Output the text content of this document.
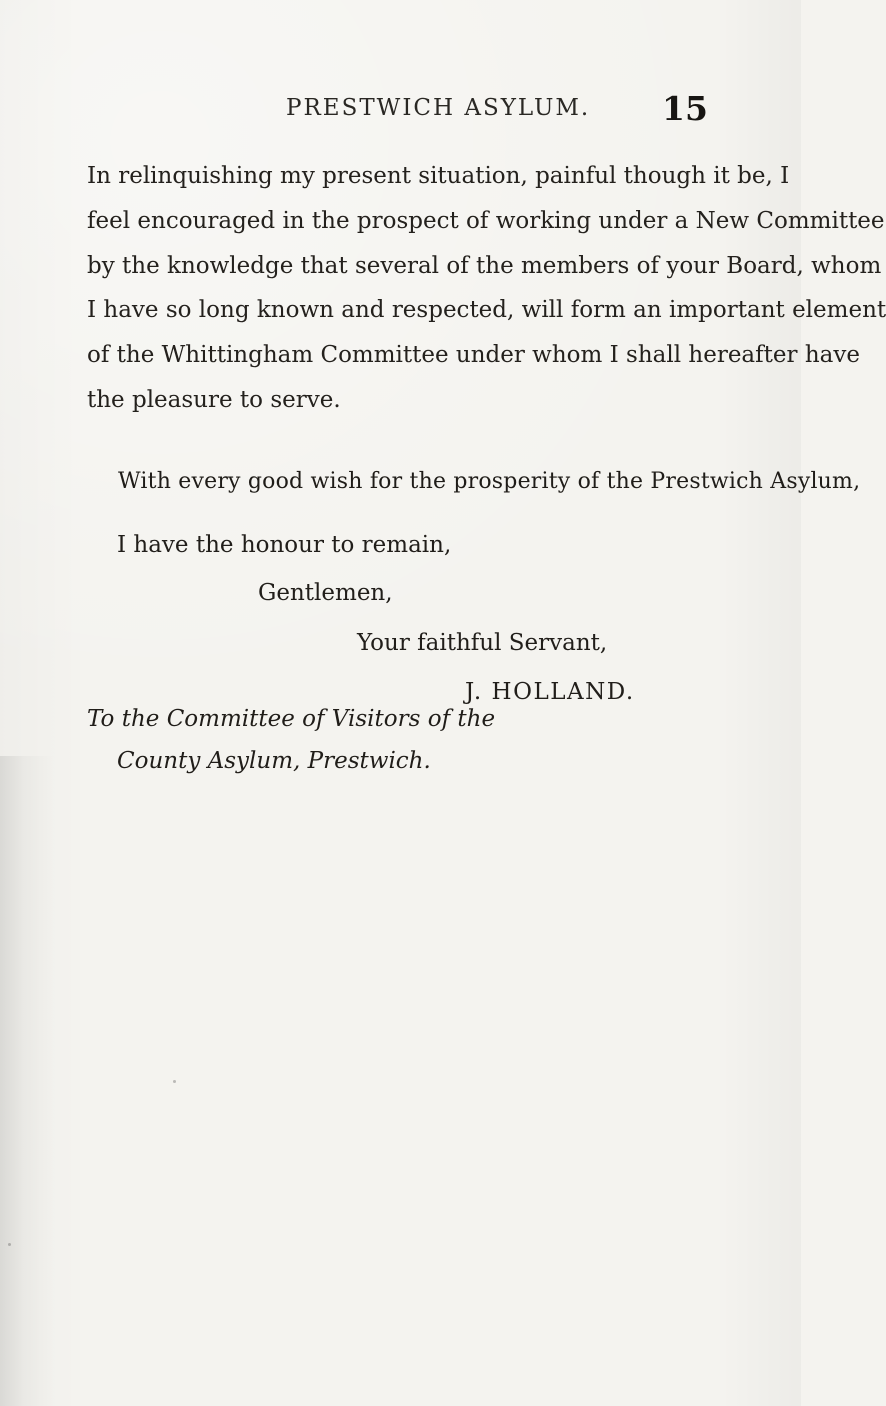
PRESTWICH ASYLUM. 15
In relinquishing my present situation, painful though it be, I
feel encouraged in the prospect of working under a New Committee
by the knowledge that several of the members of your Board, whom
I have so long known and respected, will form an important element
of the Whittingham Committee under whom I shall hereafter have
the pleasure to serve.
With every good wish for the prosperity of the Prestwich Asylum,
I have the honour to remain,
Gentlemen,
Your faithful Servant,
J. HOLLAND.
To the Committee of Visitors of the
County Asylum, Prestwich.
